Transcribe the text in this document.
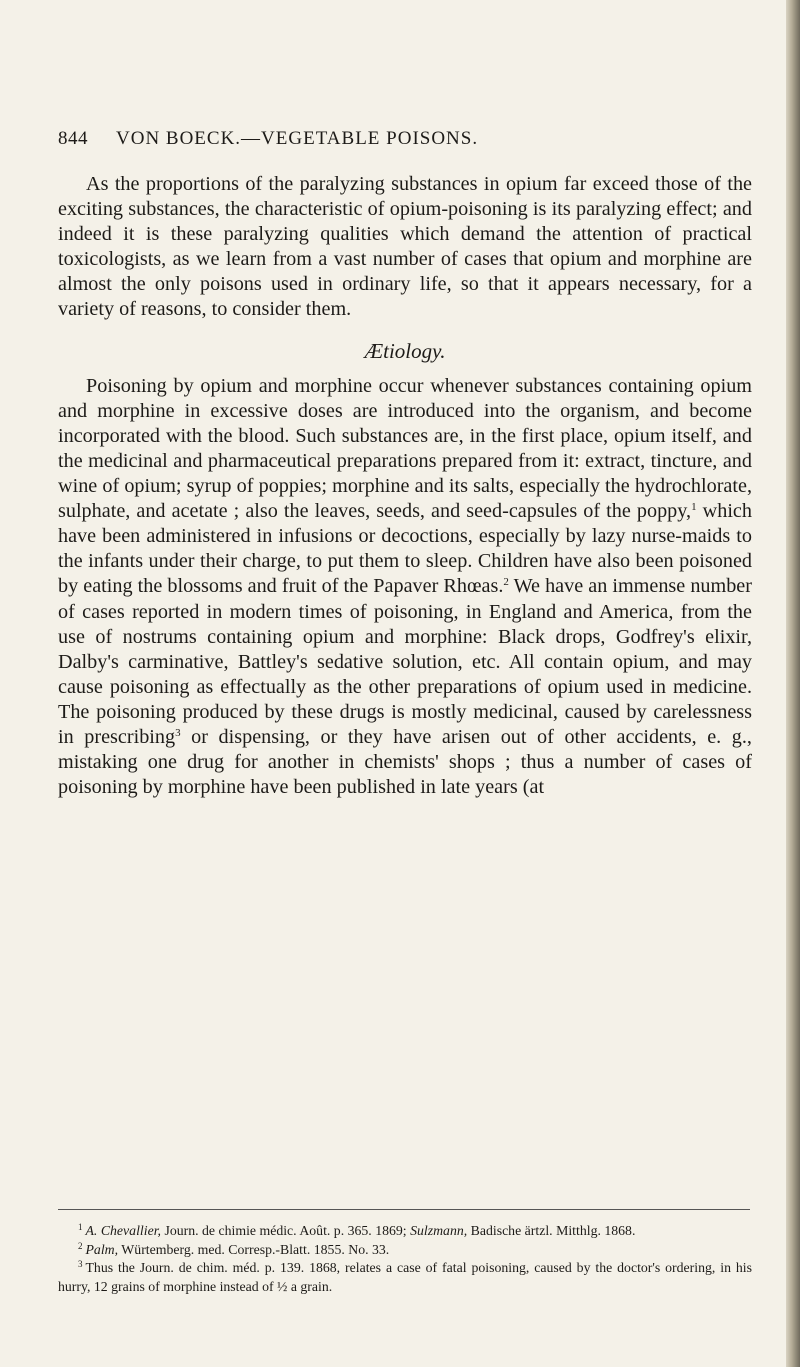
844 VON BOECK.—VEGETABLE POISONS.

As the proportions of the paralyzing substances in opium far exceed those of the exciting substances, the characteristic of opium-poisoning is its paralyzing effect; and indeed it is these paralyzing qualities which demand the attention of practical toxicologists, as we learn from a vast number of cases that opium and morphine are almost the only poisons used in ordinary life, so that it appears necessary, for a variety of reasons, to consider them.

Ætiology.

Poisoning by opium and morphine occur whenever substances containing opium and morphine in excessive doses are introduced into the organism, and become incorporated with the blood. Such substances are, in the first place, opium itself, and the medicinal and pharmaceutical preparations prepared from it: extract, tincture, and wine of opium; syrup of poppies; morphine and its salts, especially the hydrochlorate, sulphate, and acetate ; also the leaves, seeds, and seed-capsules of the poppy,$^1$ which have been administered in infusions or decoctions, especially by lazy nurse-maids to the infants under their charge, to put them to sleep. Children have also been poisoned by eating the blossoms and fruit of the Papaver Rhœas.$^2$ We have an immense number of cases reported in modern times of poisoning, in England and America, from the use of nostrums containing opium and morphine: Black drops, Godfrey's elixir, Dalby's carminative, Battley's sedative solution, etc. All contain opium, and may cause poisoning as effectually as the other preparations of opium used in medicine. The poisoning produced by these drugs is mostly medicinal, caused by carelessness in prescribing$^3$ or dispensing, or they have arisen out of other accidents, e. g., mistaking one drug for another in chemists' shops ; thus a number of cases of poisoning by morphine have been published in late years (at

$^1$ A. Chevallier, Journ. de chimie médic. Août. p. 365. 1869; Sulzmann, Badische ärtzl. Mitthlg. 1868.

$^2$ Palm, Würtemberg. med. Corresp.-Blatt. 1855. No. 33.

$^3$ Thus the Journ. de chim. méd. p. 139. 1868, relates a case of fatal poisoning, caused by the doctor's ordering, in his hurry, 12 grains of morphine instead of ½ a grain.
